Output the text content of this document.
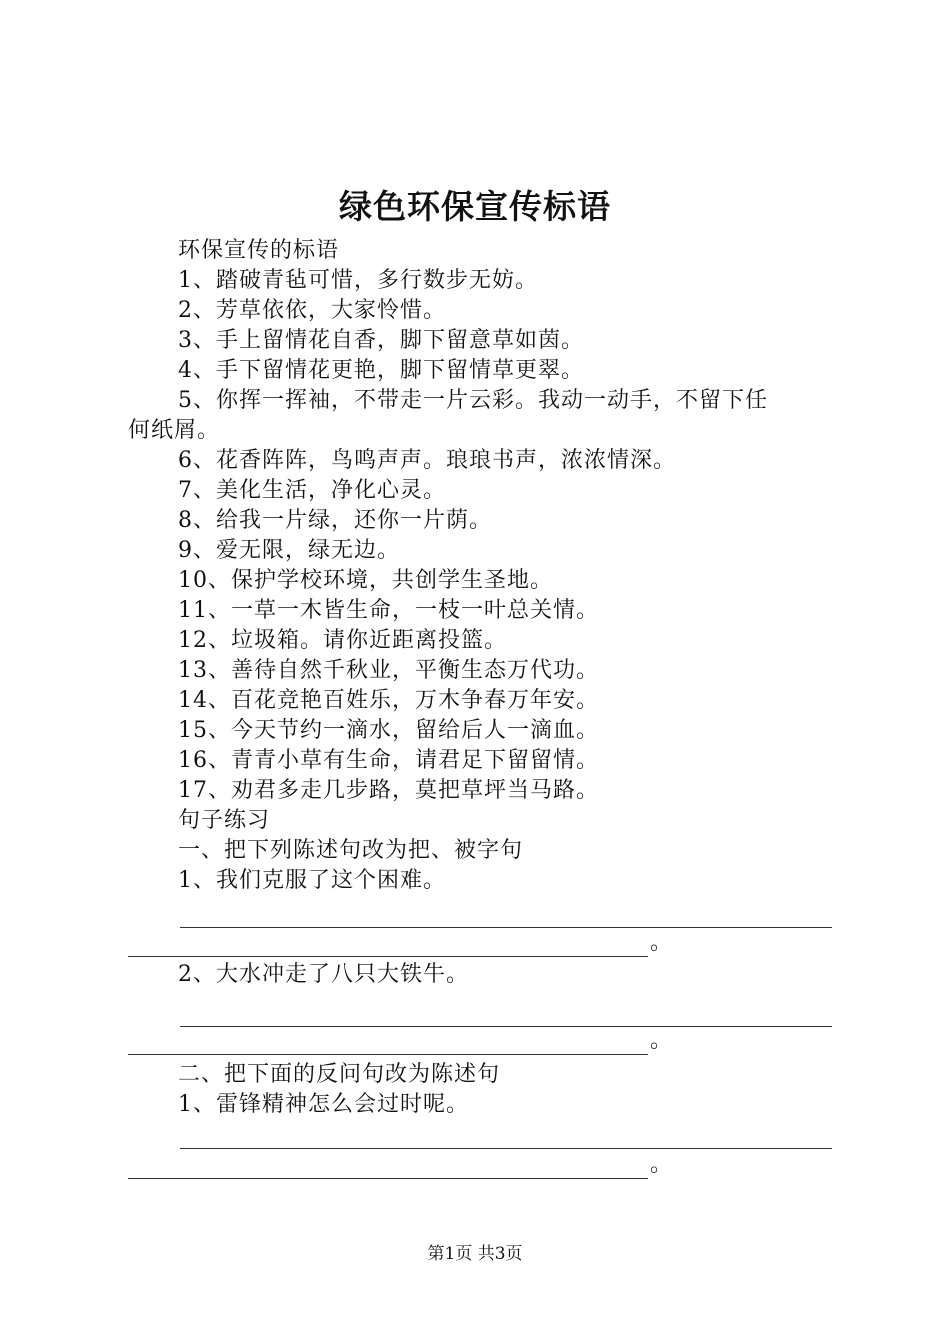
绿色环保宣传标语
环保宣传的标语
1、踏破青毡可惜，多行数步无妨。
2、芳草依依，大家怜惜。
3、手上留情花自香，脚下留意草如茵。
4、手下留情花更艳，脚下留情草更翠。
5、你挥一挥袖，不带走一片云彩。我动一动手，不留下任
何纸屑。
6、花香阵阵，鸟鸣声声。琅琅书声，浓浓情深。
7、美化生活，净化心灵。
8、给我一片绿，还你一片荫。
9、爱无限，绿无边。
10、保护学校环境，共创学生圣地。
11、一草一木皆生命，一枝一叶总关情。
12、垃圾箱。请你近距离投篮。
13、善待自然千秋业，平衡生态万代功。
14、百花竞艳百姓乐，万木争春万年安。
15、今天节约一滴水，留给后人一滴血。
16、青青小草有生命，请君足下留留情。
17、劝君多走几步路，莫把草坪当马路。
句子练习
一、把下列陈述句改为把、被字句
1、我们克服了这个困难。
。
2、大水冲走了八只大铁牛。
。
二、把下面的反问句改为陈述句
1、雷锋精神怎么会过时呢。
。
第1页 共3页
